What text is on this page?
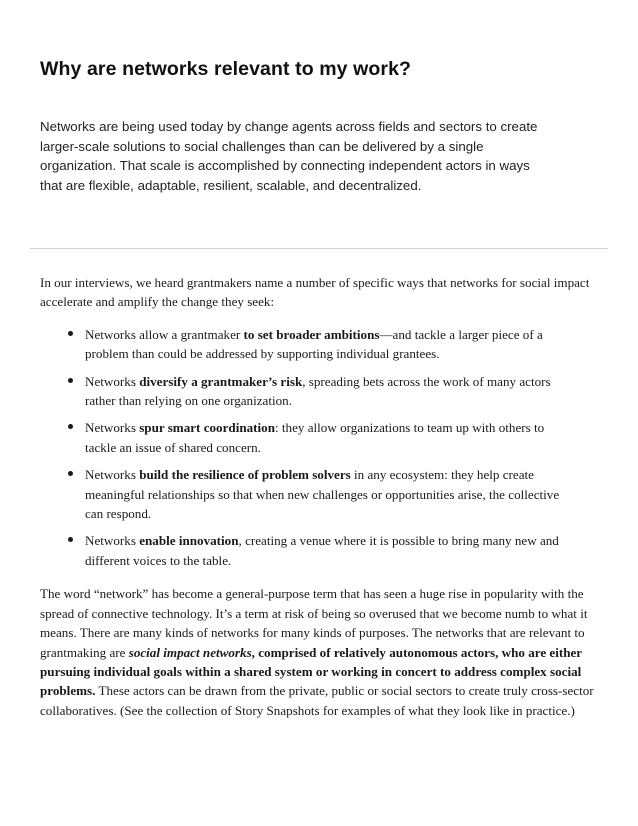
Why are networks relevant to my work?

Networks are being used today by change agents across fields and sectors to create larger-scale solutions to social challenges than can be delivered by a single organization. That scale is accomplished by connecting independent actors in ways that are flexible, adaptable, resilient, scalable, and decentralized.

In our interviews, we heard grantmakers name a number of specific ways that networks for social impact accelerate and amplify the change they seek:

Networks allow a grantmaker to set broader ambitions—and tackle a larger piece of a problem than could be addressed by supporting individual grantees.
Networks diversify a grantmaker’s risk, spreading bets across the work of many actors rather than relying on one organization.
Networks spur smart coordination: they allow organizations to team up with others to tackle an issue of shared concern.
Networks build the resilience of problem solvers in any ecosystem: they help create meaningful relationships so that when new challenges or opportunities arise, the collective can respond.
Networks enable innovation, creating a venue where it is possible to bring many new and different voices to the table.

The word “network” has become a general-purpose term that has seen a huge rise in popularity with the spread of connective technology. It’s a term at risk of being so overused that we become numb to what it means. There are many kinds of networks for many kinds of purposes. The networks that are relevant to grantmaking are social impact networks, comprised of relatively autonomous actors, who are either pursuing individual goals within a shared system or working in concert to address complex social problems. These actors can be drawn from the private, public or social sectors to create truly cross-sector collaboratives. (See the collection of Story Snapshots for examples of what they look like in practice.)
